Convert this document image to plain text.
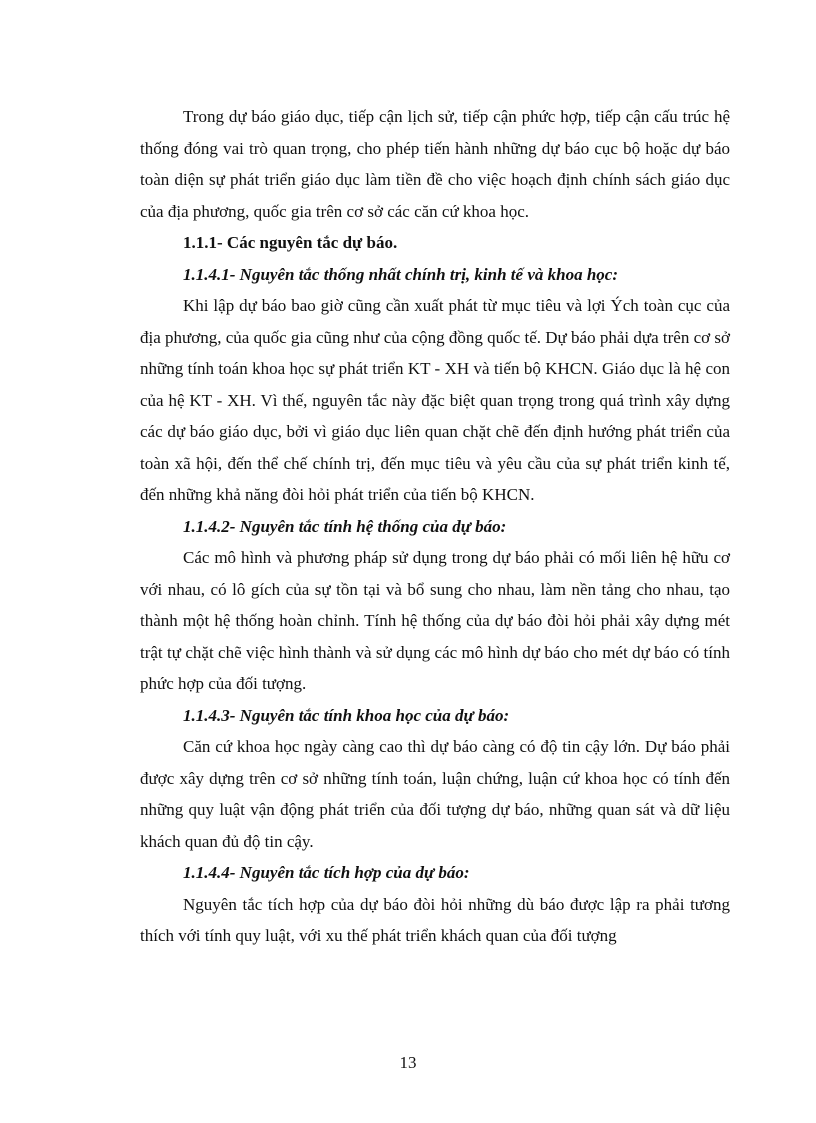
Trong dự báo giáo dục, tiếp cận lịch sử, tiếp cận phức hợp, tiếp cận cấu trúc hệ thống đóng vai trò quan trọng, cho phép tiến hành những dự báo cục bộ hoặc dự báo toàn diện sự phát triển giáo dục làm tiền đề cho việc hoạch định chính sách giáo dục của địa phương, quốc gia trên cơ sở các căn cứ khoa học.

1.1.1- Các nguyên tắc dự báo.

1.1.4.1- Nguyên tắc thống nhất chính trị, kinh tế và khoa học:

Khi lập dự báo bao giờ cũng cần xuất phát từ mục tiêu và lợi Ých toàn cục của địa phương, của quốc gia cũng như của cộng đồng quốc tế. Dự báo phải dựa trên cơ sở những tính toán khoa học sự phát triển KT - XH và tiến bộ KHCN. Giáo dục là hệ con của hệ KT - XH. Vì thế, nguyên tắc này đặc biệt quan trọng trong quá trình xây dựng các dự báo giáo dục, bởi vì giáo dục liên quan chặt chẽ đến định hướng phát triển của toàn xã hội, đến thể chế chính trị, đến mục tiêu và yêu cầu của sự phát triển kinh tế, đến những khả năng đòi hỏi phát triển của tiến bộ KHCN.

1.1.4.2- Nguyên tắc tính hệ thống của dự báo:

Các mô hình và phương pháp sử dụng trong dự báo phải có mối liên hệ hữu cơ với nhau, có lô gích của sự tồn tại và bổ sung cho nhau, làm nền tảng cho nhau, tạo thành một hệ thống hoàn chỉnh. Tính hệ thống của dự báo đòi hỏi phải xây dựng mét trật tự chặt chẽ việc hình thành và sử dụng các mô hình dự báo cho mét dự báo có tính phức hợp của đối tượng.

1.1.4.3- Nguyên tắc tính khoa học của dự báo:

Căn cứ khoa học ngày càng cao thì dự báo càng có độ tin cậy lớn. Dự báo phải được xây dựng trên cơ sở những tính toán, luận chứng, luận cứ khoa học có tính đến những quy luật vận động phát triển của đối tượng dự báo, những quan sát và dữ liệu khách quan đủ độ tin cậy.

1.1.4.4- Nguyên tắc tích hợp của dự báo:

Nguyên tắc tích hợp của dự báo đòi hỏi những dù báo được lập ra phải tương thích với tính quy luật, với xu thế phát triển khách quan của đối tượng

13
